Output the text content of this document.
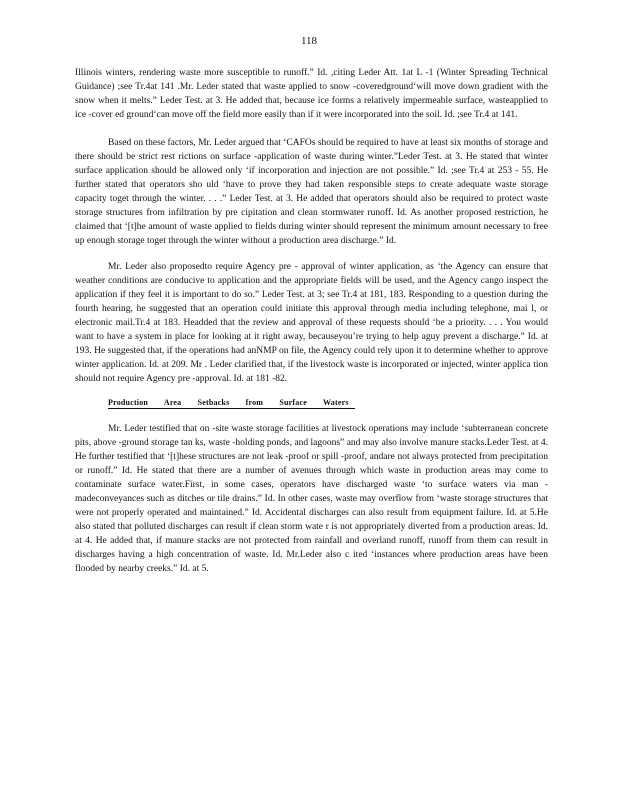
118

Illinois winters, rendering waste more susceptible to runoff.” Id. ,citing Leder Att. 1at L -1 (Winter Spreading Technical Guidance) ;see Tr.4at 141 .Mr. Leder stated that waste applied to snow -coveredground‘will move down gradient with the snow when it melts.” Leder Test. at 3. He added that, because ice forms a relatively impermeable surface, wasteapplied to ice -cover ed ground‘can move off the field more easily than if it were incorporated into the soil. Id. ;see Tr.4 at 141.

Based on these factors, Mr. Leder argued that ‘CAFOs should be required to have at least six months of storage and there should be strict rest rictions on surface -application of waste during winter.”Leder Test. at 3. He stated that winter surface application should be allowed only ‘if incorporation and injection are not possible.” Id. ;see Tr.4 at 253 - 55. He further stated that operators sho uld ‘have to prove they had taken responsible steps to create adequate waste storage capacity toget through the winter. . . .” Leder Test. at 3. He added that operators should also be required to protect waste storage structures from infiltration by pre cipitation and clean stormwater runoff. Id. As another proposed restriction, he claimed that ‘[t]he amount of waste applied to fields during winter should represent the minimum amount necessary to free up enough storage toget through the winter without a production area discharge.” Id.

Mr. Leder also proposedto require Agency pre - approval of winter application, as ‘the Agency can ensure that weather conditions are conducive to application and the appropriate fields will be used, and the Agency cango inspect the application if they feel it is important to do so.” Leder Test. at 3; see Tr.4 at 181, 183. Responding to a question during the fourth hearing, he suggested that an operation could initiate this approval through media including telephone, mai l, or electronic mail.Tr.4 at 183. Headded that the review and approval of these requests should ‘be a priority. . . . You would want to have a system in place for looking at it right away, becauseyou’re trying to help aguy prevent a discharge.” Id. at 193. He suggested that, if the operations had anNMP on file, the Agency could rely upon it to determine whether to approve winter application. Id. at 209. Mr . Leder clarified that, if the livestock waste is incorporated or injected, winter applica tion should not require Agency pre -approval. Id. at 181 -82.

Production Area Setbacks from Surface Waters

Mr. Leder testified that on -site waste storage facilities at livestock operations may include ‘subterranean concrete pits, above -ground storage tan ks, waste -holding ponds, and lagoons” and may also involve manure stacks.Leder Test. at 4. He further testified that ‘[t]hese structures are not leak -proof or spill -proof, andare not always protected from precipitation or runoff.” Id. He stated that there are a number of avenues through which waste in production areas may come to contaminate surface water.First, in some cases, operators have discharged waste ‘to surface waters via man -madeconveyances such as ditches or tile drains.” Id. In other cases, waste may overflow from ‘waste storage structures that were not properly operated and maintained.” Id. Accidental discharges can also result from equipment failure. Id. at 5.He also stated that polluted discharges can result if clean storm wate r is not appropriately diverted from a production areas. Id. at 4. He added that, if manure stacks are not protected from rainfall and overland runoff, runoff from them can result in discharges having a high concentration of waste. Id. Mr.Leder also c ited ‘instances where production areas have been flooded by nearby creeks.” Id. at 5.
